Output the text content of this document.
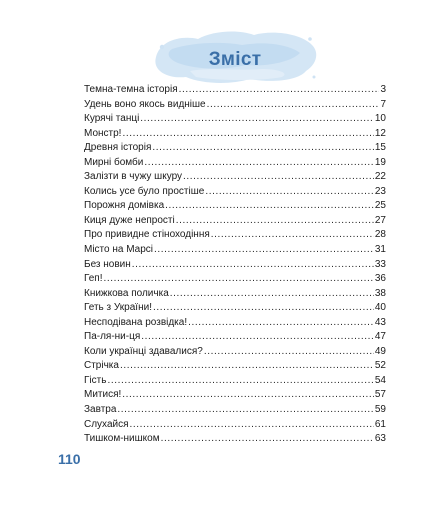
Зміст
Темна-темна історія .....	3
Удень воно якось видніше .....	7
Курячі танці .....	10
Монстр! .....	12
Древня історія .....	15
Мирні бомби .....	19
Залізти в чужу шкуру .....	22
Колись усе було простіше .....	23
Порожня домівка .....	25
Киця дуже непрості .....	27
Про привидне стіноходіння .....	28
Місто на Марсі .....	31
Без новин .....	33
Геп! .....	36
Книжкова поличка .....	38
Геть з України! .....	40
Несподівана розвідка! .....	43
Па-ля-ни-ця .....	47
Коли українці здавалися? .....	49
Стрічка .....	52
Гість .....	54
Митися! .....	57
Завтра .....	59
Слухайся .....	61
Тишком-нишком .....	63

110
